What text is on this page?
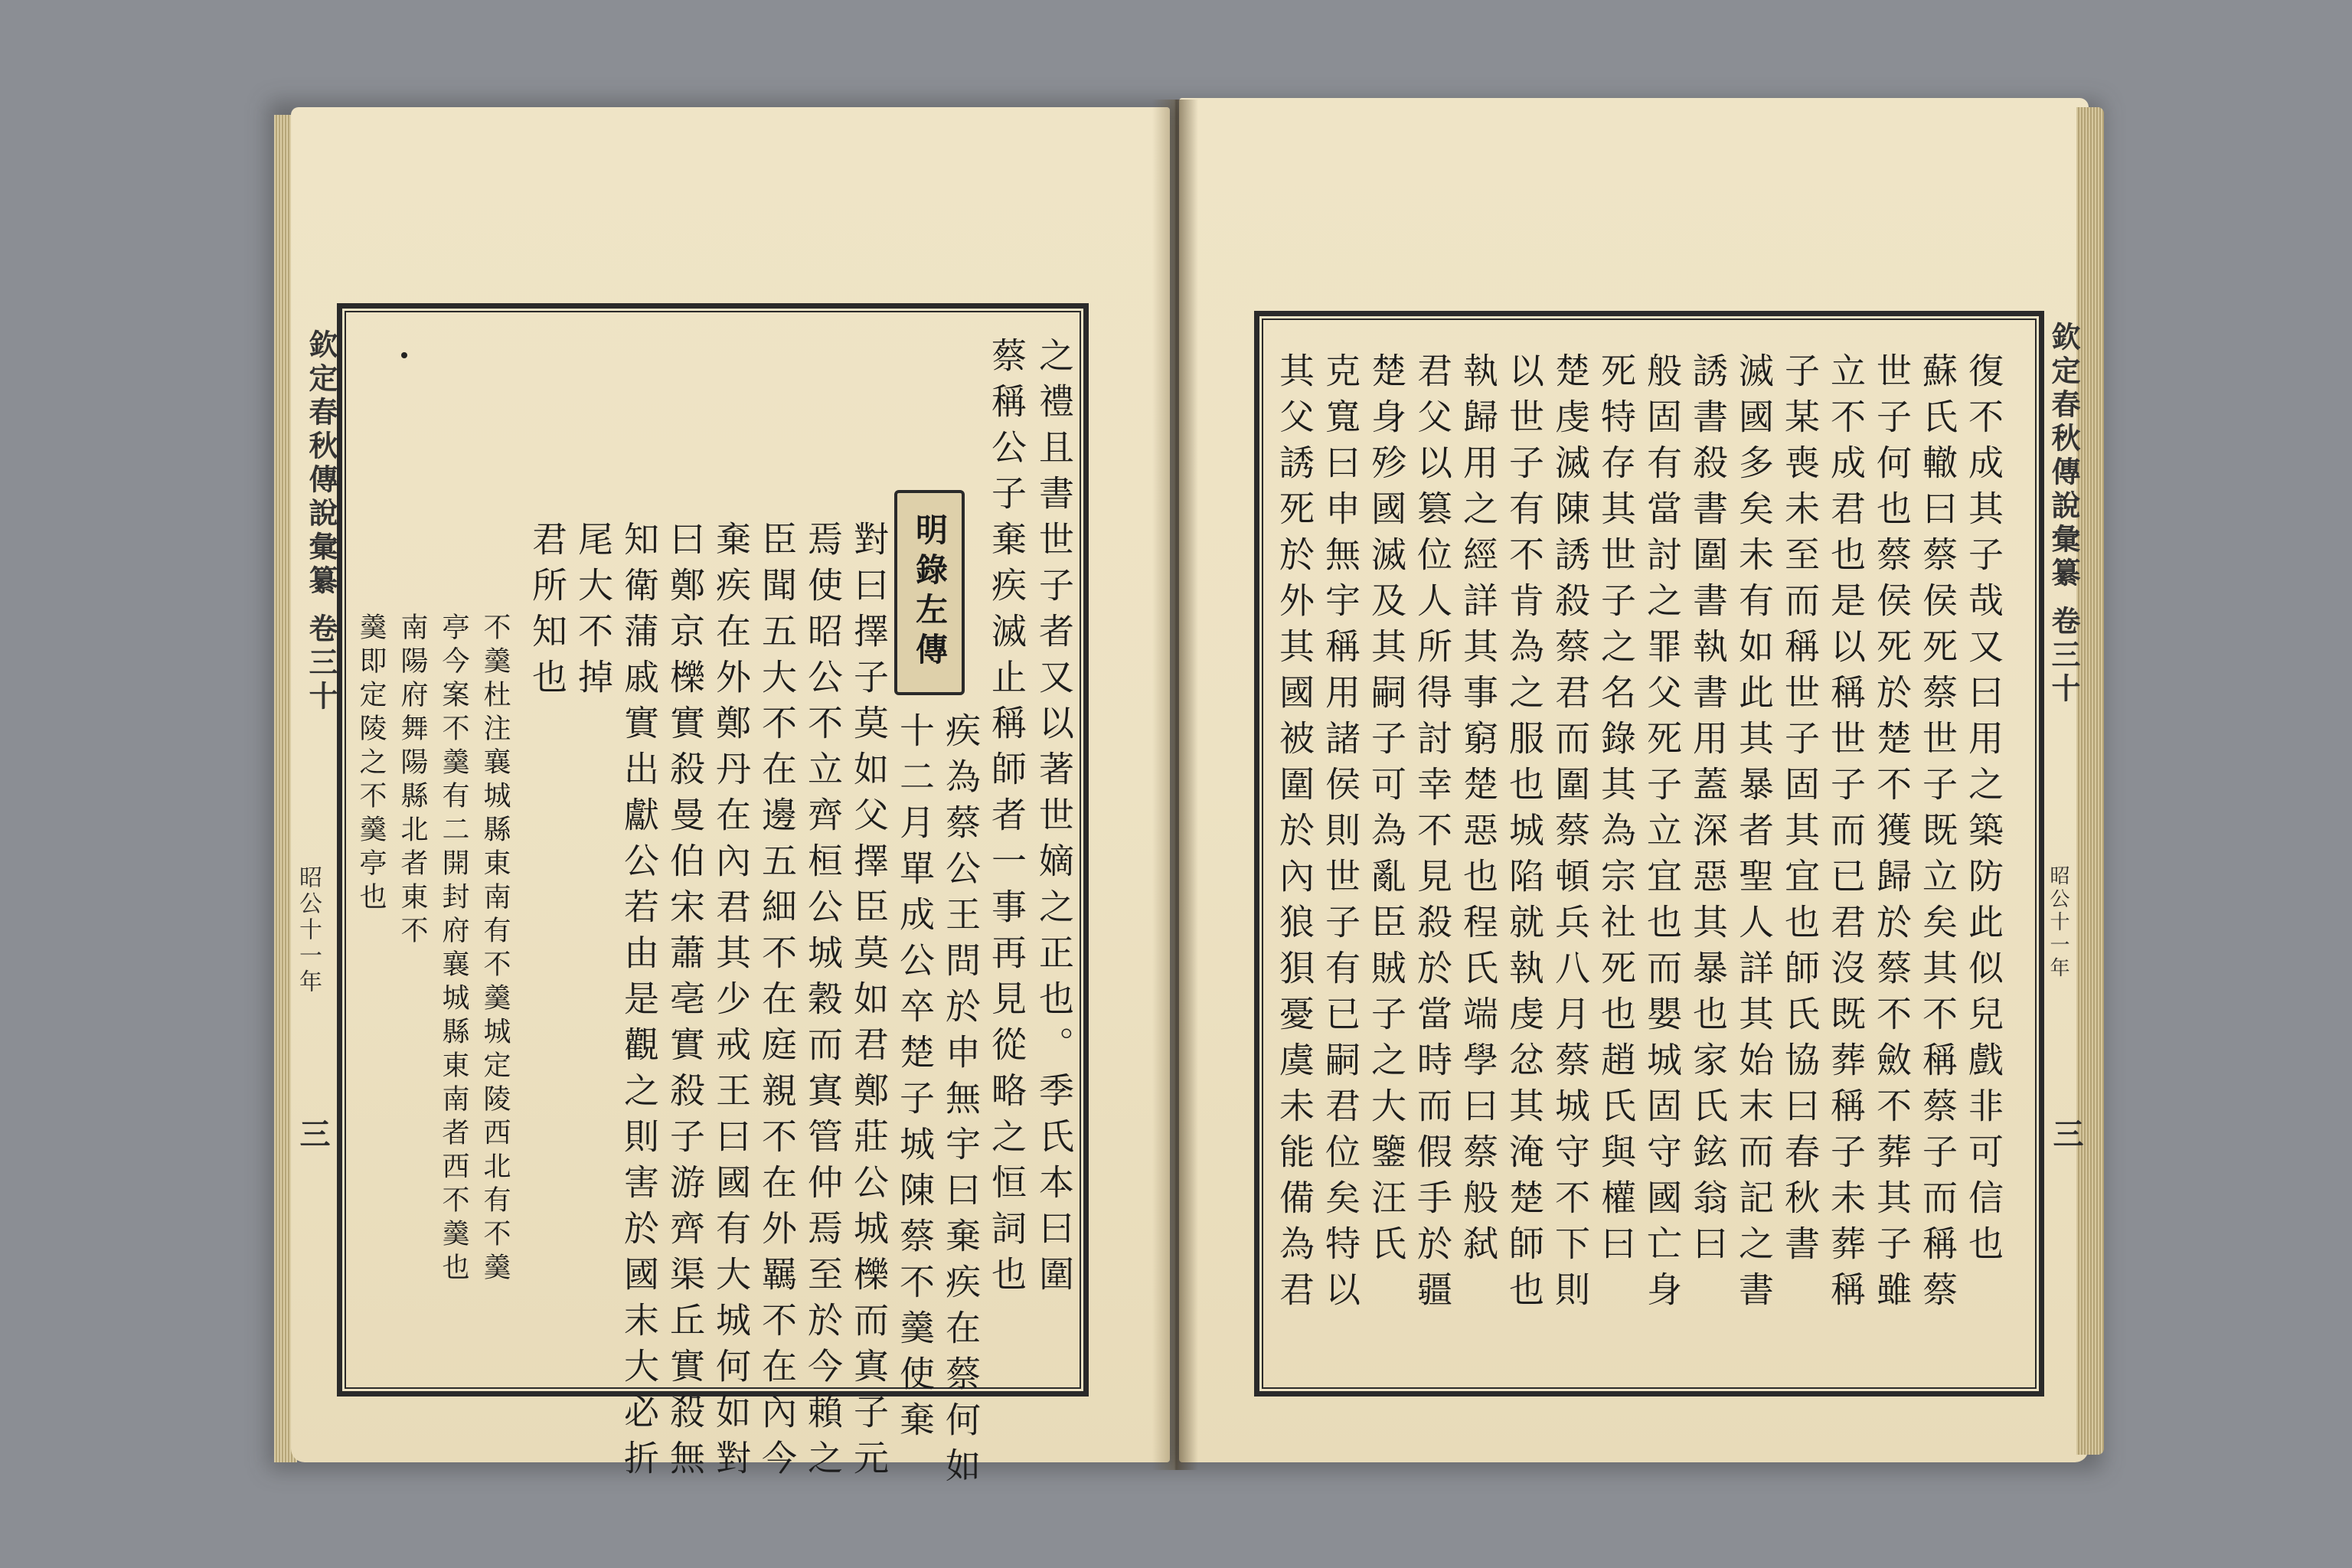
欽定春秋傳說彙纂 卷三十
昭公十一年
三
明錄左傳 之禮且書世子者又以著世嫡之正也。季氏本曰圍
蔡稱公子棄疾滅止稱師者一事再見從略之恒詞也
疾為蔡公王問於申無宇曰棄疾在蔡何如
十二月單成公卒楚子城陳蔡不羹使棄
對曰擇子莫如父擇臣莫如君鄭莊公城櫟而寘子元
焉使昭公不立齊桓公城穀而寘管仲焉至於今賴之
臣聞五大不在邊五細不在庭親不在外羈不在內今
棄疾在外鄭丹在內君其少戒王曰國有大城何如對
曰鄭京櫟實殺曼伯宋蕭亳實殺子游齊渠丘實殺無
知衛蒲戚實出獻公若由是觀之則害於國末大必折
尾大不掉
君所知也
不羹杜注襄城縣東南有不羹城定陵西北有不羹
亭今案不羹有二開封府襄城縣東南者西不羹也
南陽府舞陽縣北者東不
羹即定陵之不羹亭也
欽定春秋傳說彙纂 卷三十
昭公十一年
三
復不成其子哉又曰用之築防此似兒戲非可信也
蘇氏轍曰蔡侯死蔡世子既立矣其不稱蔡子而稱蔡
世子何也蔡侯死於楚不獲歸於蔡不斂不葬其子雖
立不成君也是以稱世子而已君沒既葬稱子未葬稱
子某喪未至而稱世子固其宜也師氏協曰春秋書
滅國多矣未有如此其暴者聖人詳其始末而記之書
誘書殺書圍書執書用蓋深惡其暴也家氏鉉翁曰
般固有當討之罪父死子立宜也而嬰城固守國亡身
死特存其世子之名錄其為宗社死也趙氏與權曰
楚虔滅陳誘殺蔡君而圍蔡頓兵八月蔡城守不下則
以世子有不肯為之服也城陷就執虔忿其淹楚師也
執歸用之經詳其事窮楚惡也程氏端學曰蔡般弑
君父以篡位人所得討幸不見殺於當時而假手於疆
楚身殄國滅及其嗣子可為亂臣賊子之大鑒汪氏
克寬曰申無宇稱用諸侯則世子有已嗣君位矣特以
其父誘死於外其國被圍於內狼狽憂虞未能備為君
